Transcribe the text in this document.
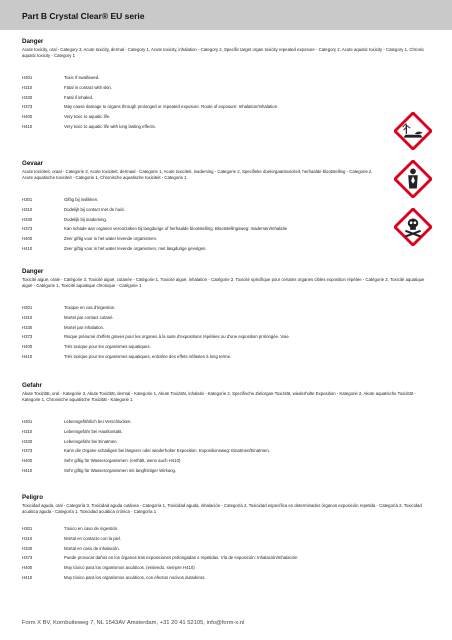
Part B Crystal Clear® EU serie
Danger
Acute toxicity, oral - Category 3, Acute toxicity, dermal - Category 1, Acute toxicity, inhalation - Category 2, Specific target organ toxicity repeated exposure - Category 2, Acute aquatic toxicity - Category 1, Chronic aquatic toxicity - Category 1
H301	Toxic if swallowed.
H310	Fatal in contact with skin.
H330	Fatal if inhaled.
H373	May cause damage to organs through prolonged or repeated exposure. Route of exposure: Inhalation/Inhalation
H400	Very toxic to aquatic life.
H410	Very toxic to aquatic life with long lasting effects.
Gevaar
Acute toxiciteit, oraal - Categorie 3, Acute toxiciteit, dermaal - Categorie 1, Acute toxiciteit, inademing - Categorie 2, Specifieke doelorgaantoxiciteit, herhaalde blootstelling - Categorie 2, Acute aquatische toxiciteit - Categorie 1, Chronische aquatische toxiciteit - Categorie 1
H301	Giftig bij inslikken.
H310	Dodelijk bij contact met de huid.
H330	Dodelijk bij inademing.
H373	Kan schade aan organen veroorzaken bij langdurige of herhaalde blootstelling. Blootstellingsweg: Inademen/Inhalatie
H400	Zeer giftig voor in het water levende organismen.
H410	Zeer giftig voor in het water levende organismen, met langdurige gevolgen.
Danger
Toxicité aiguë, orale - Catégorie 3, Toxicité aiguë, cutanée - Catégorie 1, Toxicité aiguë, inhalation - Catégorie 2, Toxicité spécifique pour certains organes cibles exposition répétée - Catégorie 2, Toxicité aquatique aiguë - Catégorie 1, Toxicité aquatique chronique - Catégorie 1
H301	Toxique en cas d'ingestion.
H310	Mortel par contact cutané.
H330	Mortel par inhalation.
H373	Risque présumé d'effets graves pour les organes à la suite d'expositions répétées ou d'une exposition prolongée. Voie
H400	Très toxique pour les organismes aquatiques.
H410	Très toxique pour les organismes aquatiques, entraîne des effets néfastes à long terme.
Gefahr
Akute Toxizität, oral - Kategorie 3, Akute Toxizität, dermal - Kategorie 1, Akute Toxizität, inhalativ - Kategorie 2, Spezifische Zielorgan-Toxizität, wiederholte Exposition - Kategorie 2, Akute aquatische Toxizität - Kategorie 1, Chronische aquatische Toxizität - Kategorie 1
H301	Lebensgefährlich bei Verschlucken.
H310	Lebensgefahr bei Hautkontakt.
H330	Lebensgefahr bei Einatmen.
H373	Kann die Organe schädigen bei längerer oder wiederholter Exposition. Expositionsweg: Einatmen/Einatmen.
H400	Sehr giftig für Wasserorganismen. (enthält, wenn auch H410)
H410	Sehr giftig für Wasserorganismen mit langfristiger Wirkung.
Peligro
Toxicidad aguda, oral - Categoría 3, Toxicidad aguda cutánea - Categoría 1, Toxicidad aguda, inhalación - Categoría 2, Toxicidad específica en determinados órganos exposición repetida - Categoría 2, Toxicidad acuática aguda - Categoría 1, Toxicidad acuática crónica - Categoría 1
H301	Tóxico en caso de ingestión.
H310	Mortal en contacto con la piel.
H330	Mortal en caso de inhalación.
H373	Puede provocar daños en los órganos tras exposiciones prolongadas o repetidas. Vía de exposición: Inhalación/Inhalación
H400	Muy tóxico para los organismos acuáticos. (entiendo, siempre H410)
H410	Muy tóxico para los organismos acuáticos, con efectos nocivos duraderos.

Form X BV, Kornbuiteweg 7, NL 1543AV Amsterdam, +31 20 41 52105, info@form-x.nl
